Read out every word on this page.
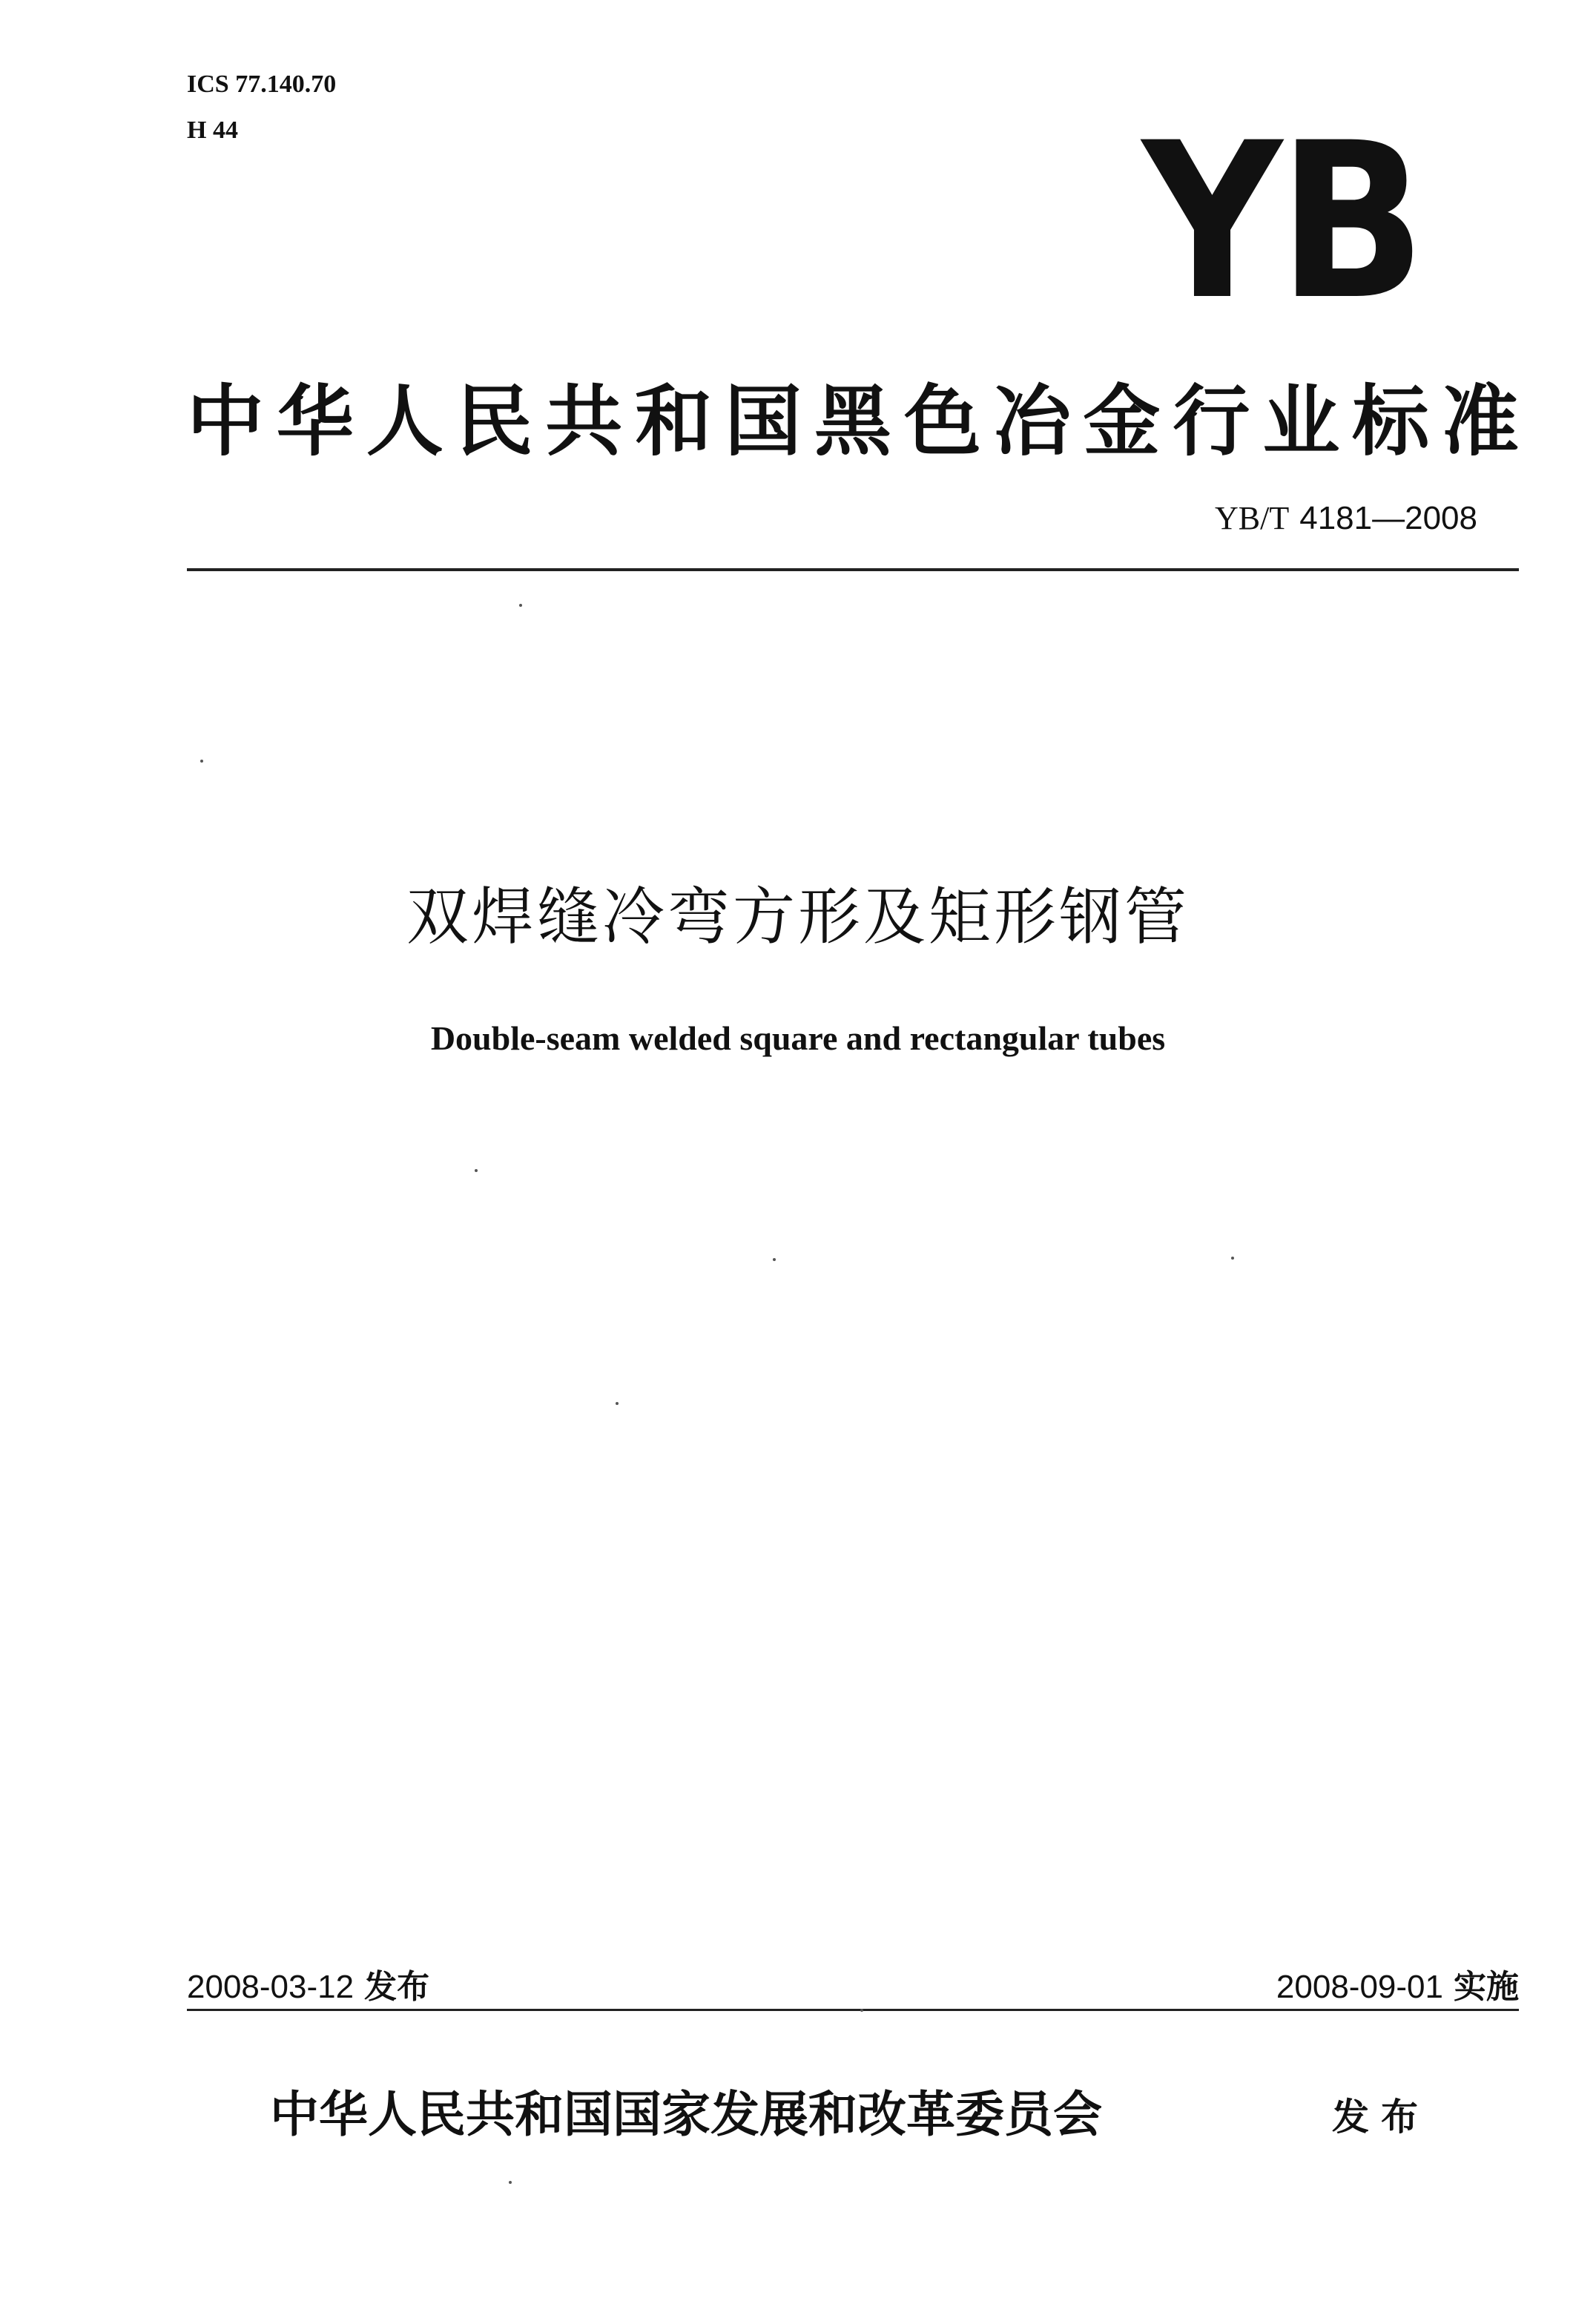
ICS 77.140.70
H 44	YB
中华人民共和国黑色冶金行业标准
YB/T 4181—2008
双焊缝冷弯方形及矩形钢管
Double-seam welded square and rectangular tubes
2008-03-12 发布	2008-09-01 实施
中华人民共和国国家发展和改革委员会	发布
